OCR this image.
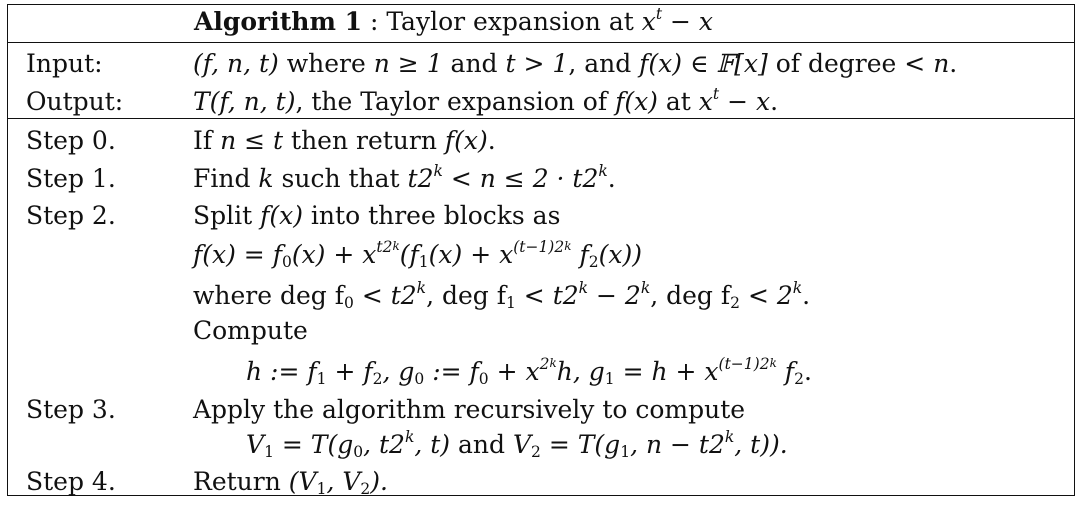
Algorithm 1 : Taylor expansion at $x^t - x$
Input:	(f, n, t) where n ≥ 1 and t > 1, and f(x) ∈ 𝔽[x] of degree < n.
Output:	T(f, n, t), the Taylor expansion of f(x) at $x^t - x$.
Step 0.	If n ≤ t then return f(x).
Step 1.	Find k such that $t2^k < n \le 2 \cdot t2^k$.
Step 2.	Split f(x) into three blocks as
$f(x) = f_0(x) + x^{t2k}(f_1(x) + x^{(t-1)2k}$ $f_2(x)$)
where deg $f_0 < t2^k$, deg $f_1 < t2^k - 2^k$, deg $f_2 < 2^k$.
Compute
h := $f_1 + f_2$, $g_0$ := $f_0 + x^{2k}h$, $g_1 = h + x^{(t-1)2k}$ $f_2$.
Step 3.	Apply the algorithm recursively to compute
$V_1 = T(g_0$, t2$^k$, t) and $V_2 = T(g_1$, $n - t2^k$, t)).
Step 4.	Return ($V_1$, $V_2$).
